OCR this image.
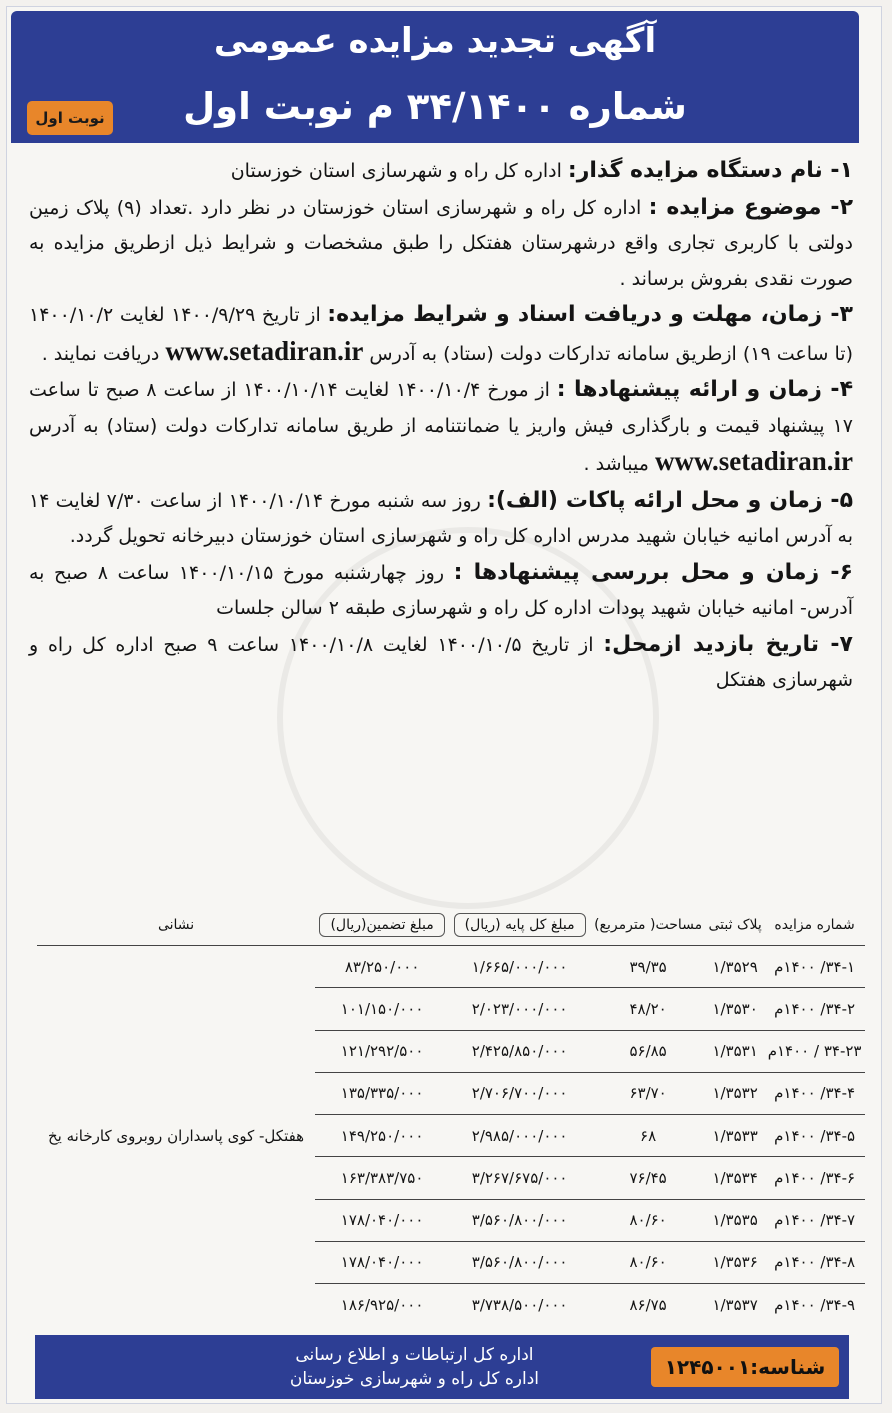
آگهی تجدید مزایده عمومی
شماره ۳۴/۱۴۰۰ م نوبت اول
نوبت اول

۱- نام دستگاه مزایده گذار: اداره کل راه و شهرسازی استان خوزستان

۲- موضوع مزایده : اداره کل راه و شهرسازی استان خوزستان در نظر دارد .تعداد (۹) پلاک زمین دولتی با کاربری تجاری واقع درشهرستان هفتکل را طبق مشخصات و شرایط ذیل ازطریق مزایده به صورت نقدی بفروش برساند .

۳- زمان، مهلت و دریافت اسناد و شرایط مزایده: از تاریخ ۱۴۰۰/۹/۲۹ لغایت ۱۴۰۰/۱۰/۲ (تا ساعت ۱۹) ازطریق سامانه تدارکات دولت (ستاد) به آدرس www.setadiran.ir دریافت نمایند .

۴- زمان و ارائه پیشنهادها : از مورخ ۱۴۰۰/۱۰/۴ لغایت ۱۴۰۰/۱۰/۱۴ از ساعت ۸ صبح تا ساعت ۱۷ پیشنهاد قیمت و بارگذاری فیش واریز یا ضمانتنامه از طریق سامانه تدارکات دولت (ستاد) به آدرس www.setadiran.ir میباشد .

۵- زمان و محل ارائه پاکات (الف): روز سه شنبه مورخ ۱۴۰۰/۱۰/۱۴ از ساعت ۷/۳۰ لغایت ۱۴ به آدرس امانیه خیابان شهید مدرس اداره کل راه و شهرسازی استان خوزستان دبیرخانه تحویل گردد.

۶- زمان و محل بررسی پیشنهادها : روز چهارشنبه مورخ ۱۴۰۰/۱۰/۱۵ ساعت ۸ صبح به آدرس- امانیه خیابان شهید پودات اداره کل راه و شهرسازی طبقه ۲ سالن جلسات

۷- تاریخ بازدید ازمحل: از تاریخ ۱۴۰۰/۱۰/۵ لغایت ۱۴۰۰/۱۰/۸ ساعت ۹ صبح اداره کل راه و شهرسازی هفتکل

شماره مزایده	پلاک ثبتی	مساحت( مترمربع)	مبلغ کل پایه (ریال)	مبلغ تضمین(ریال)	نشانی
۳۴-۱/ ۱۴۰۰م	۱/۳۵۲۹	۳۹/۳۵	۱/۶۶۵/۰۰۰/۰۰۰	۸۳/۲۵۰/۰۰۰	هفتکل- کوی پاسداران روبروی کارخانه یخ
۳۴-۲/ ۱۴۰۰م	۱/۳۵۳۰	۴۸/۲۰	۲/۰۲۳/۰۰۰/۰۰۰	۱۰۱/۱۵۰/۰۰۰	
۳۴-۲۳ / ۱۴۰۰م	۱/۳۵۳۱	۵۶/۸۵	۲/۴۲۵/۸۵۰/۰۰۰	۱۲۱/۲۹۲/۵۰۰	
۳۴-۴/ ۱۴۰۰م	۱/۳۵۳۲	۶۳/۷۰	۲/۷۰۶/۷۰۰/۰۰۰	۱۳۵/۳۳۵/۰۰۰	
۳۴-۵/ ۱۴۰۰م	۱/۳۵۳۳	۶۸	۲/۹۸۵/۰۰۰/۰۰۰	۱۴۹/۲۵۰/۰۰۰	
۳۴-۶/ ۱۴۰۰م	۱/۳۵۳۴	۷۶/۴۵	۳/۲۶۷/۶۷۵/۰۰۰	۱۶۳/۳۸۳/۷۵۰	
۳۴-۷/ ۱۴۰۰م	۱/۳۵۳۵	۸۰/۶۰	۳/۵۶۰/۸۰۰/۰۰۰	۱۷۸/۰۴۰/۰۰۰	
۳۴-۸/ ۱۴۰۰م	۱/۳۵۳۶	۸۰/۶۰	۳/۵۶۰/۸۰۰/۰۰۰	۱۷۸/۰۴۰/۰۰۰	
۳۴-۹/ ۱۴۰۰م	۱/۳۵۳۷	۸۶/۷۵	۳/۷۳۸/۵۰۰/۰۰۰	۱۸۶/۹۲۵/۰۰۰	
اداره کل ارتباطات و اطلاع رسانی
اداره کل راه و شهرسازی خوزستان	شناسه:۱۲۴۵۰۰۱
